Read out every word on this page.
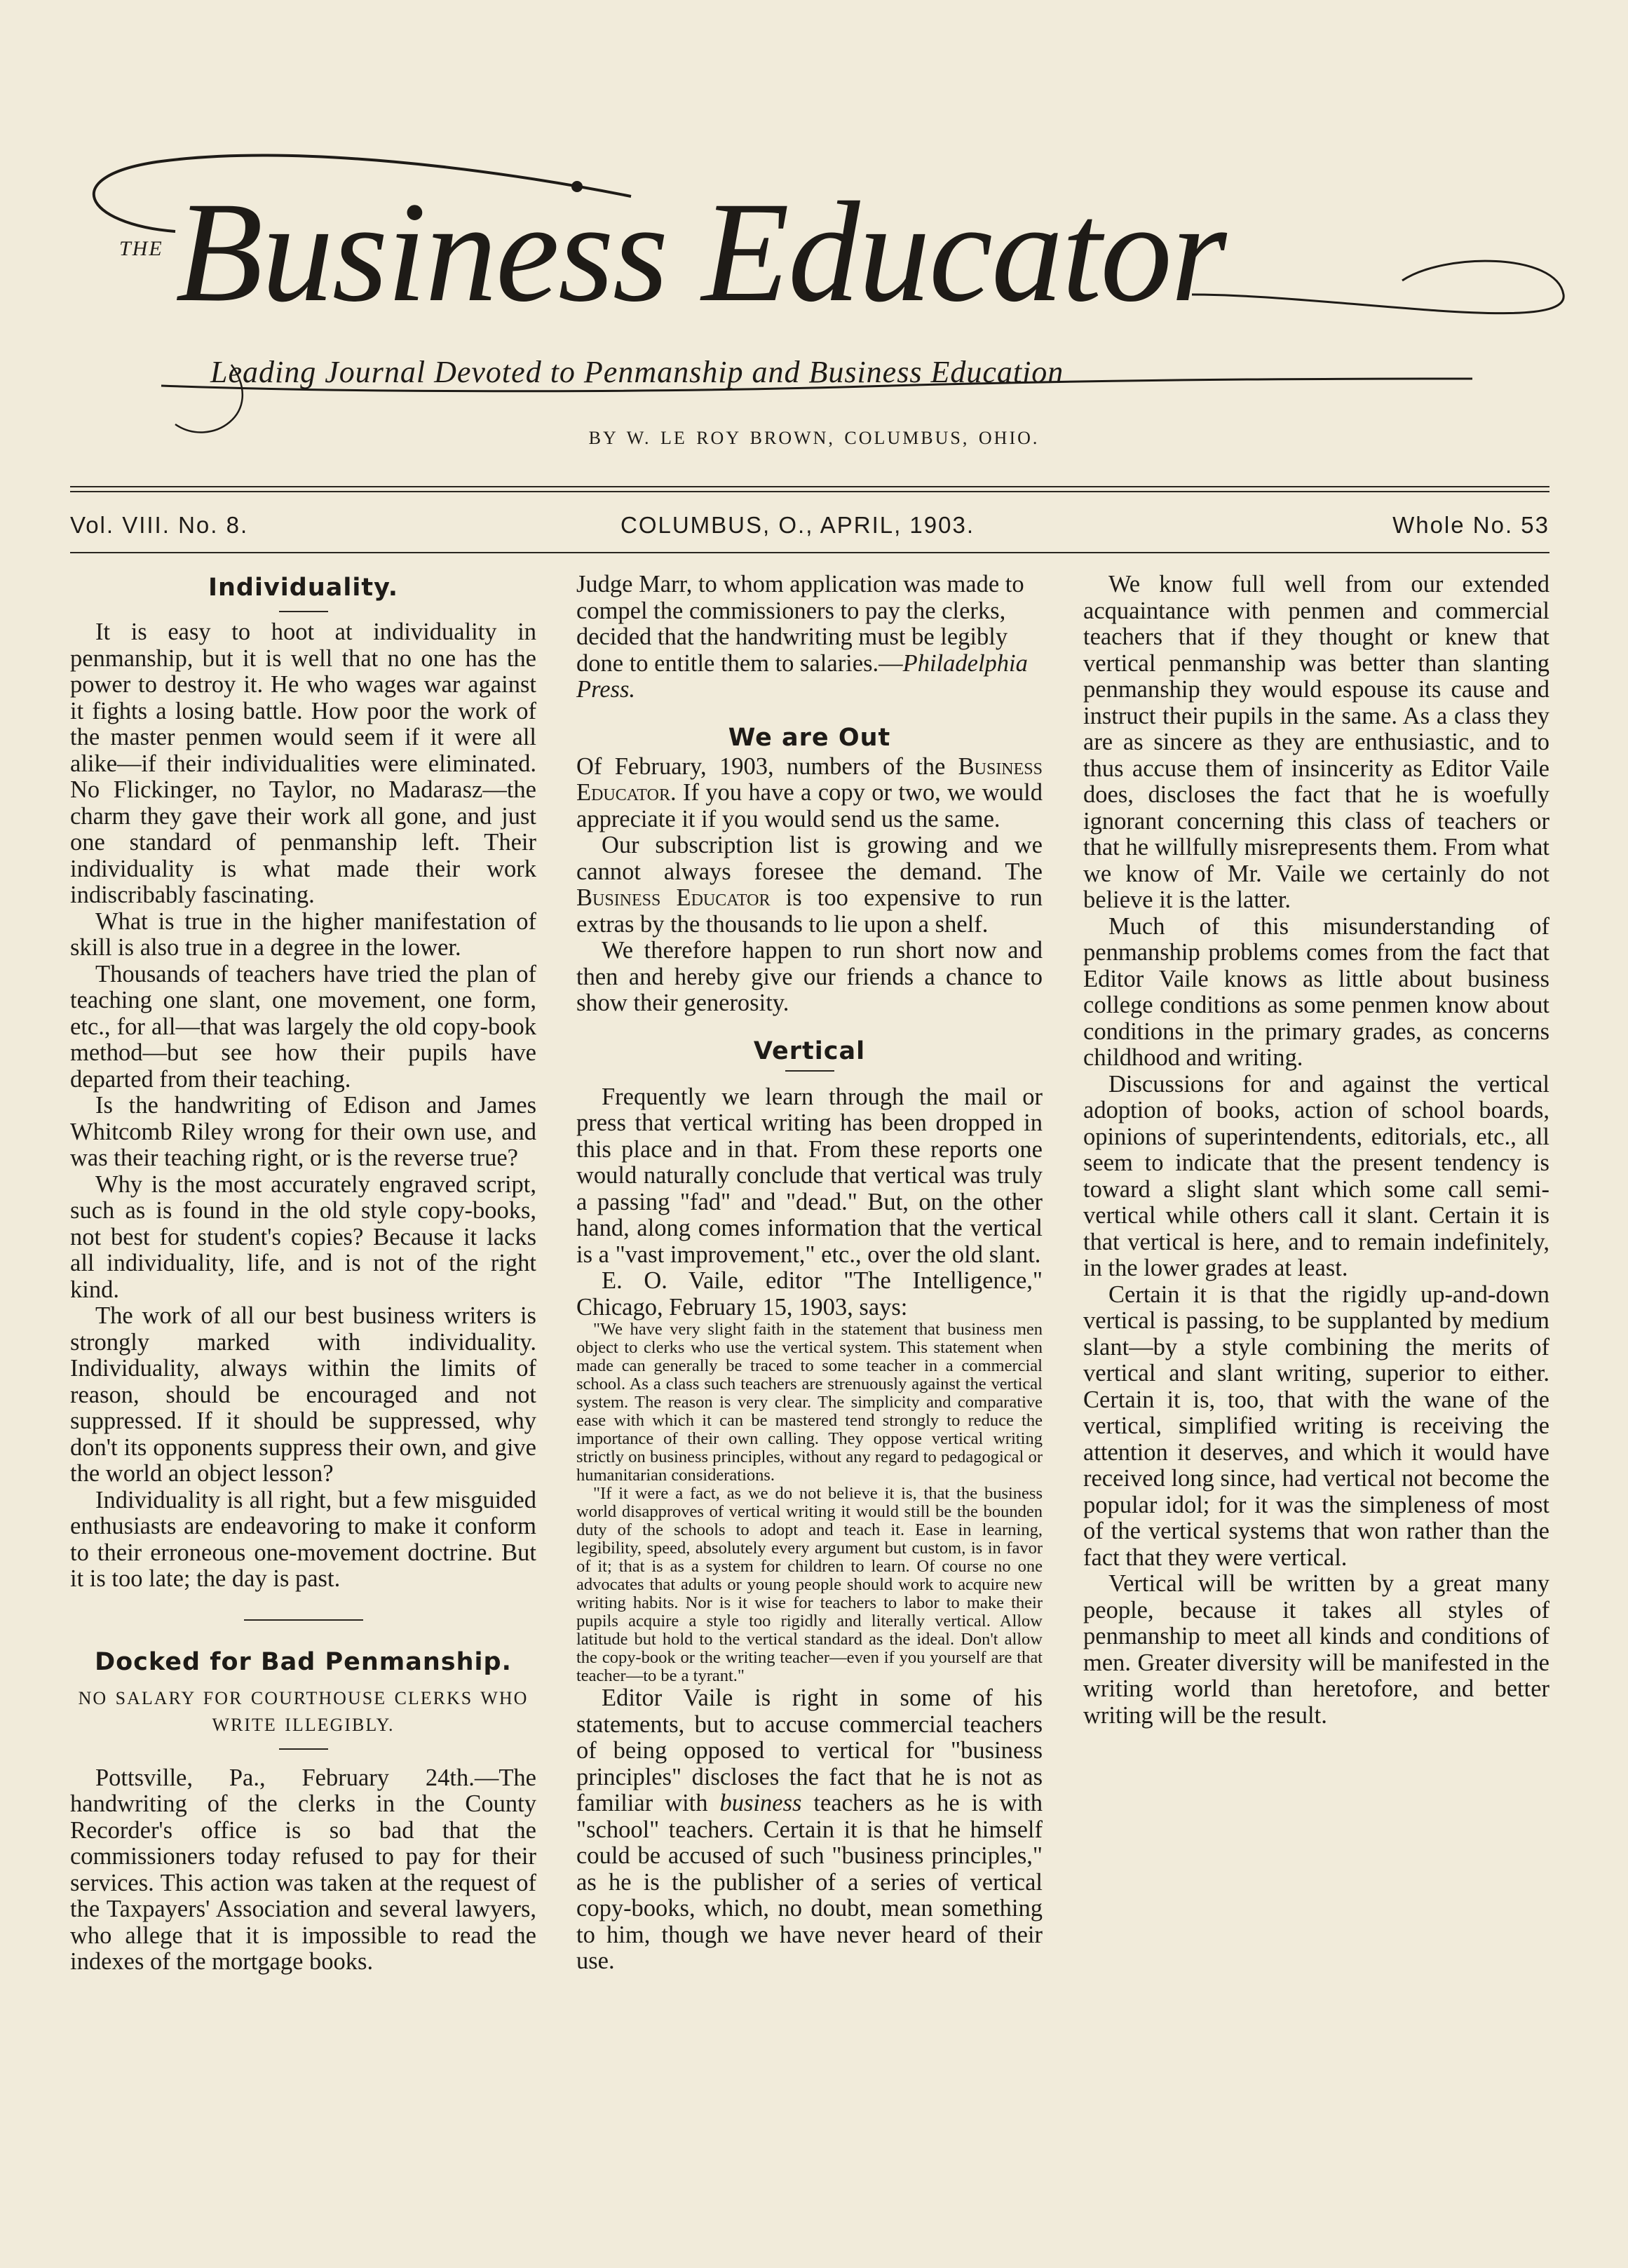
THE Business Educator
Leading Journal Devoted to Penmanship and Business Education
BY W. LE ROY BROWN, COLUMBUS, OHIO.
Vol. VIII. No. 8.	COLUMBUS, O., APRIL, 1903.	Whole No. 53
Individuality.

It is easy to hoot at individuality in penmanship, but it is well that no one has the power to destroy it. He who wages war against it fights a losing battle. How poor the work of the master penmen would seem if it were all alike—if their individualities were eliminated. No Flickinger, no Taylor, no Madarasz—the charm they gave their work all gone, and just one standard of penmanship left. Their individuality is what made their work indiscribably fascinating.

What is true in the higher manifestation of skill is also true in a degree in the lower.

Thousands of teachers have tried the plan of teaching one slant, one movement, one form, etc., for all—that was largely the old copy-book method—but see how their pupils have departed from their teaching.

Is the handwriting of Edison and James Whitcomb Riley wrong for their own use, and was their teaching right, or is the reverse true?

Why is the most accurately engraved script, such as is found in the old style copy-books, not best for student's copies? Because it lacks all individuality, life, and is not of the right kind.

The work of all our best business writers is strongly marked with individuality. Individuality, always within the limits of reason, should be encouraged and not suppressed. If it should be suppressed, why don't its opponents suppress their own, and give the world an object lesson?

Individuality is all right, but a few misguided enthusiasts are endeavoring to make it conform to their erroneous one-movement doctrine. But it is too late; the day is past.

Docked for Bad Penmanship.
NO SALARY FOR COURTHOUSE CLERKS WHO WRITE ILLEGIBLY.

Pottsville, Pa., February 24th.—The handwriting of the clerks in the County Recorder's office is so bad that the commissioners today refused to pay for their services. This action was taken at the request of the Taxpayers' Association and several lawyers, who allege that it is impossible to read the indexes of the mortgage books.

Judge Marr, to whom application was made to compel the commissioners to pay the clerks, decided that the handwriting must be legibly done to entitle them to salaries.—

Philadelphia Press.
We are Out

Of February, 1903, numbers of the Business Educator. If you have a copy or two, we would appreciate it if you would send us the same.

Our subscription list is growing and we cannot always foresee the demand. The Business Educator is too expensive to run extras by the thousands to lie upon a shelf.

We therefore happen to run short now and then and hereby give our friends a chance to show their generosity.

Vertical

Frequently we learn through the mail or press that vertical writing has been dropped in this place and in that. From these reports one would naturally conclude that vertical was truly a passing "fad" and "dead." But, on the other hand, along comes information that the vertical is a "vast improvement," etc., over the old slant.

E. O. Vaile, editor "The Intelligence," Chicago, February 15, 1903, says:

"We have very slight faith in the statement that business men object to clerks who use the vertical system. This statement when made can generally be traced to some teacher in a commercial school. As a class such teachers are strenuously against the vertical system. The reason is very clear. The simplicity and comparative ease with which it can be mastered tend strongly to reduce the importance of their own calling. They oppose vertical writing strictly on business principles, without any regard to pedagogical or humanitarian considerations.

"If it were a fact, as we do not believe it is, that the business world disapproves of vertical writing it would still be the bounden duty of the schools to adopt and teach it. Ease in learning, legibility, speed, absolutely every argument but custom, is in favor of it; that is as a system for children to learn. Of course no one advocates that adults or young people should work to acquire new writing habits. Nor is it wise for teachers to labor to make their pupils acquire a style too rigidly and literally vertical. Allow latitude but hold to the vertical standard as the ideal. Don't allow the copy-book or the writing teacher—even if you yourself are that teacher—to be a tyrant."

Editor Vaile is right in some of his statements, but to accuse commercial teachers of being opposed to vertical for "business principles" discloses the fact that he is not as familiar with business teachers as he is with "school" teachers. Certain it is that he himself could be accused of such "business principles," as he is the publisher of a series of vertical copy-books, which, no doubt, mean something to him, though we have never heard of their use.

We know full well from our extended acquaintance with penmen and commercial teachers that if they thought or knew that vertical penmanship was better than slanting penmanship they would espouse its cause and instruct their pupils in the same. As a class they are as sincere as they are enthusiastic, and to thus accuse them of insincerity as Editor Vaile does, discloses the fact that he is woefully ignorant concerning this class of teachers or that he willfully misrepresents them. From what we know of Mr. Vaile we certainly do not believe it is the latter.

Much of this misunderstanding of penmanship problems comes from the fact that Editor Vaile knows as little about business college conditions as some penmen know about conditions in the primary grades, as concerns childhood and writing.

Discussions for and against the vertical adoption of books, action of school boards, opinions of superintendents, editorials, etc., all seem to indicate that the present tendency is toward a slight slant which some call semi-vertical while others call it slant. Certain it is that vertical is here, and to remain indefinitely, in the lower grades at least.

Certain it is that the rigidly up-and-down vertical is passing, to be supplanted by medium slant—by a style combining the merits of vertical and slant writing, superior to either. Certain it is, too, that with the wane of the vertical, simplified writing is receiving the attention it deserves, and which it would have received long since, had vertical not become the popular idol; for it was the simpleness of most of the vertical systems that won rather than the fact that they were vertical.

Vertical will be written by a great many people, because it takes all styles of penmanship to meet all kinds and conditions of men. Greater diversity will be manifested in the writing world than heretofore, and better writing will be the result.
